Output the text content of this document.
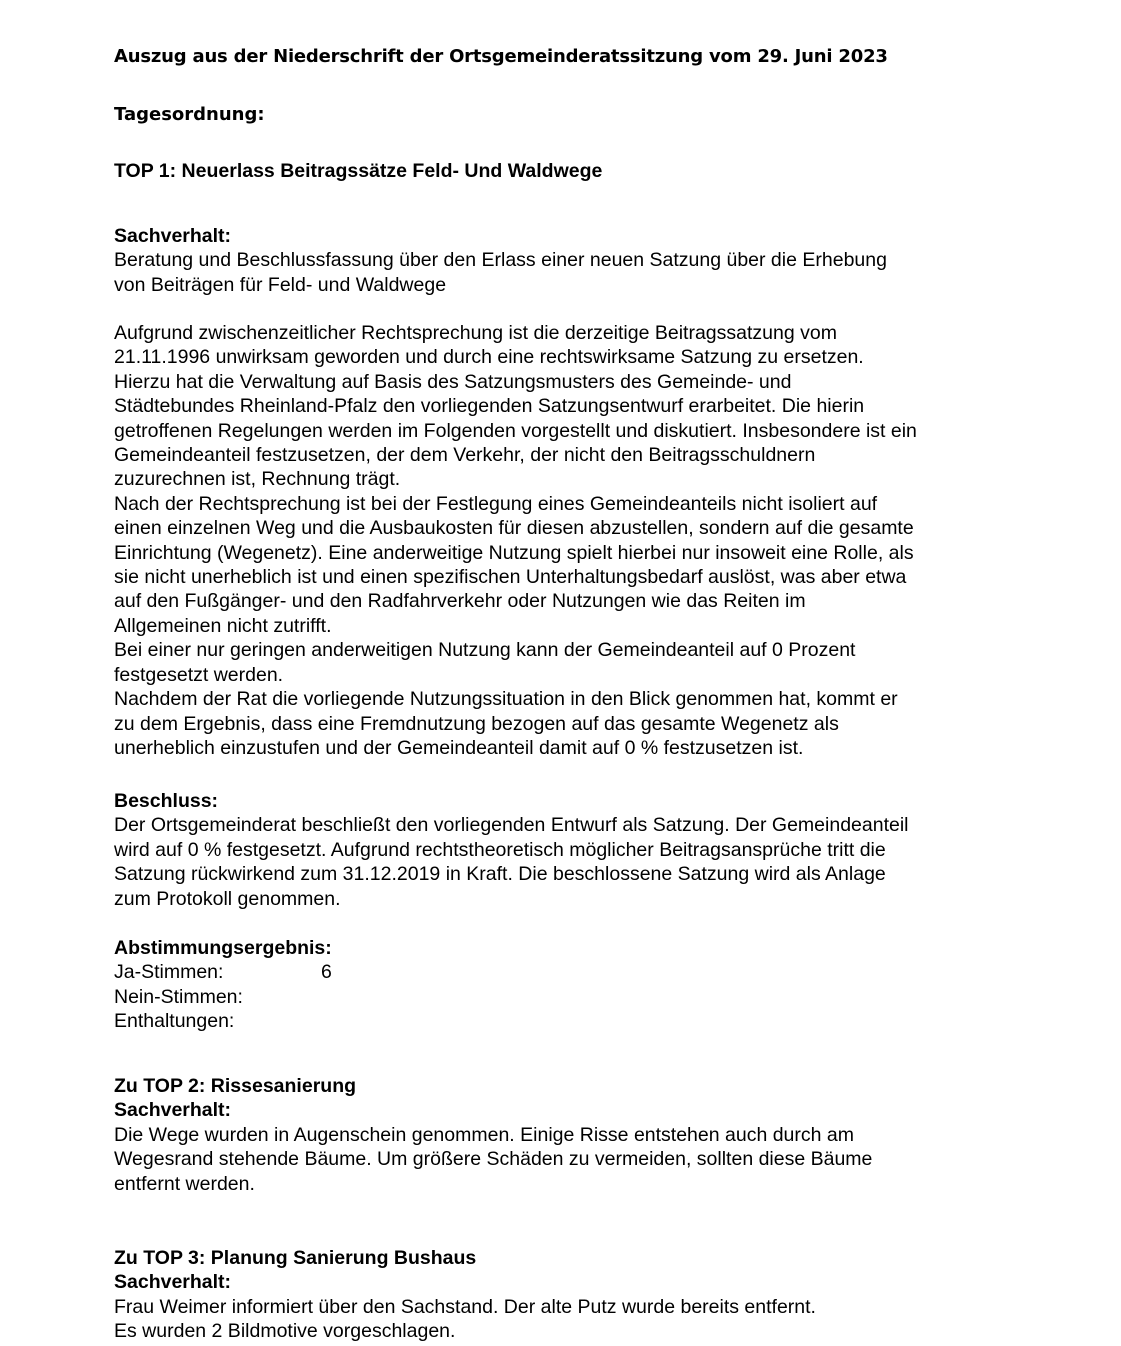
Auszug aus der Niederschrift der Ortsgemeinderatssitzung vom 29. Juni 2023
Tagesordnung:
TOP 1: Neuerlass Beitragssätze Feld- Und Waldwege
Sachverhalt:
Beratung und Beschlussfassung über den Erlass einer neuen Satzung über die Erhebung
von Beiträgen für Feld- und Waldwege
Aufgrund zwischenzeitlicher Rechtsprechung ist die derzeitige Beitragssatzung vom
21.11.1996 unwirksam geworden und durch eine rechtswirksame Satzung zu ersetzen.
Hierzu hat die Verwaltung auf Basis des Satzungsmusters des Gemeinde- und
Städtebundes Rheinland-Pfalz den vorliegenden Satzungsentwurf erarbeitet. Die hierin
getroffenen Regelungen werden im Folgenden vorgestellt und diskutiert. Insbesondere ist ein
Gemeindeanteil festzusetzen, der dem Verkehr, der nicht den Beitragsschuldnern
zuzurechnen ist, Rechnung trägt.
Nach der Rechtsprechung ist bei der Festlegung eines Gemeindeanteils nicht isoliert auf
einen einzelnen Weg und die Ausbaukosten für diesen abzustellen, sondern auf die gesamte
Einrichtung (Wegenetz). Eine anderweitige Nutzung spielt hierbei nur insoweit eine Rolle, als
sie nicht unerheblich ist und einen spezifischen Unterhaltungsbedarf auslöst, was aber etwa
auf den Fußgänger- und den Radfahrverkehr oder Nutzungen wie das Reiten im
Allgemeinen nicht zutrifft.
Bei einer nur geringen anderweitigen Nutzung kann der Gemeindeanteil auf 0 Prozent
festgesetzt werden.
Nachdem der Rat die vorliegende Nutzungssituation in den Blick genommen hat, kommt er
zu dem Ergebnis, dass eine Fremdnutzung bezogen auf das gesamte Wegenetz als
unerheblich einzustufen und der Gemeindeanteil damit auf 0 % festzusetzen ist.
Beschluss:
Der Ortsgemeinderat beschließt den vorliegenden Entwurf als Satzung. Der Gemeindeanteil
wird auf 0 % festgesetzt. Aufgrund rechtstheoretisch möglicher Beitragsansprüche tritt die
Satzung rückwirkend zum 31.12.2019 in Kraft. Die beschlossene Satzung wird als Anlage
zum Protokoll genommen.
Abstimmungsergebnis:
Ja-Stimmen:	6
Nein-Stimmen:
Enthaltungen:
Zu TOP 2: Rissesanierung
Sachverhalt:
Die Wege wurden in Augenschein genommen. Einige Risse entstehen auch durch am
Wegesrand stehende Bäume. Um größere Schäden zu vermeiden, sollten diese Bäume
entfernt werden.
Zu TOP 3: Planung Sanierung Bushaus
Sachverhalt:
Frau Weimer informiert über den Sachstand. Der alte Putz wurde bereits entfernt.
Es wurden 2 Bildmotive vorgeschlagen.
